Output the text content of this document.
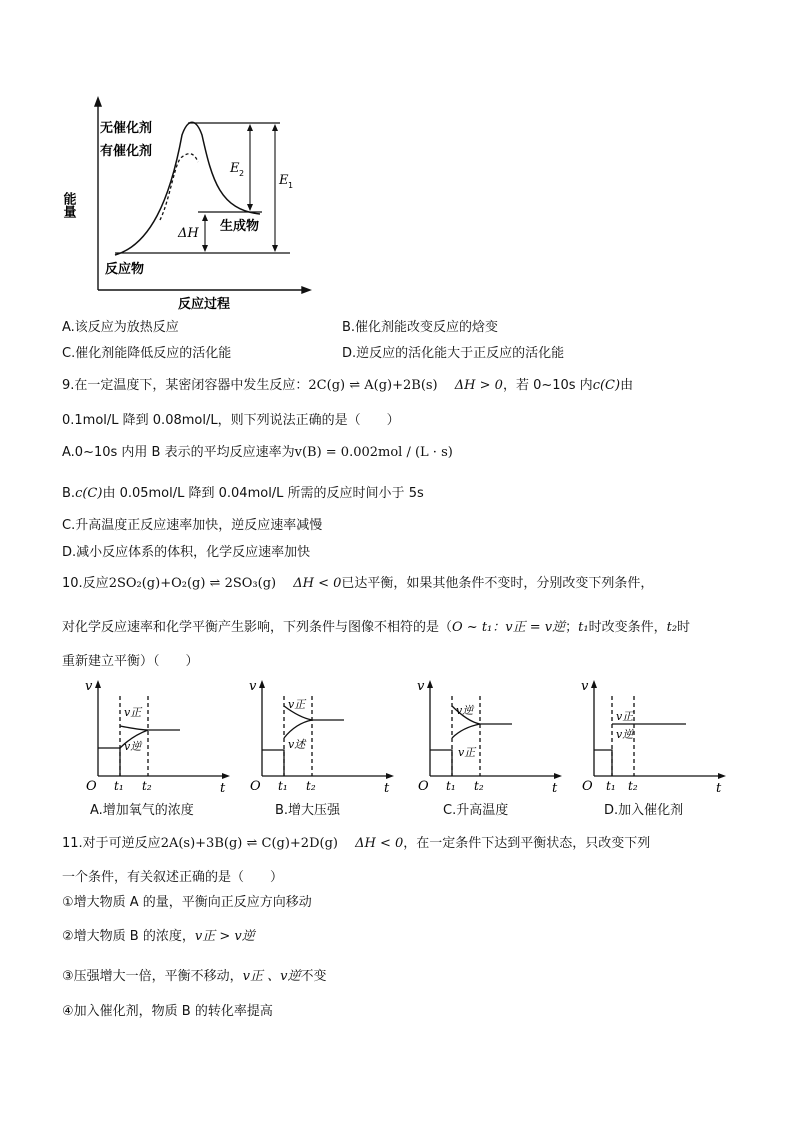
能量
反应过程
无催化剂
有催化剂
反应物
生成物
ΔH
E 2	E 1
A.该反应为放热反应	B.催化剂能改变反应的焓变
C.催化剂能降低反应的活化能	D.逆反应的活化能大于正反应的活化能
9.在一定温度下，某密闭容器中发生反应：2C(g) ⇌ A(g)+2B(s)　 ΔH > 0，若 0~10s 内c(C)由
0.1mol/L 降到 0.08mol/L，则下列说法正确的是（　　）
A.0~10s 内用 B 表示的平均反应速率为v(B) = 0.002mol / (L · s)
B.c(C)由 0.05mol/L 降到 0.04mol/L 所需的反应时间小于 5s
C.升高温度正反应速率加快，逆反应速率减慢
D.减小反应体系的体积，化学反应速率加快
10.反应2SO₂(g)+O₂(g) ⇌ 2SO₃(g)　 ΔH < 0已达平衡，如果其他条件不变时，分别改变下列条件，
对化学反应速率和化学平衡产生影响，下列条件与图像不相符的是（O ~ t₁：v正 = v逆；t₁时改变条件，t₂时
重新建立平衡）（　　）
v
O	t
t₁ t₂
v正
v逆
v
O	t
t₁ t₂
v正
v述
v
O	t
t₁ t₂
v逆
v正
v
O	t
t₁ t₂
v正
v逆
A.增加氧气的浓度	B.增大压强	C.升高温度	D.加入催化剂
11.对于可逆反应2A(s)+3B(g) ⇌ C(g)+2D(g)　 ΔH < 0，在一定条件下达到平衡状态，只改变下列
一个条件，有关叙述正确的是（　　）
①增大物质 A 的量，平衡向正反应方向移动
②增大物质 B 的浓度，v正 > v逆
③压强增大一倍，平衡不移动，v正 、v逆不变
④加入催化剂，物质 B 的转化率提高
